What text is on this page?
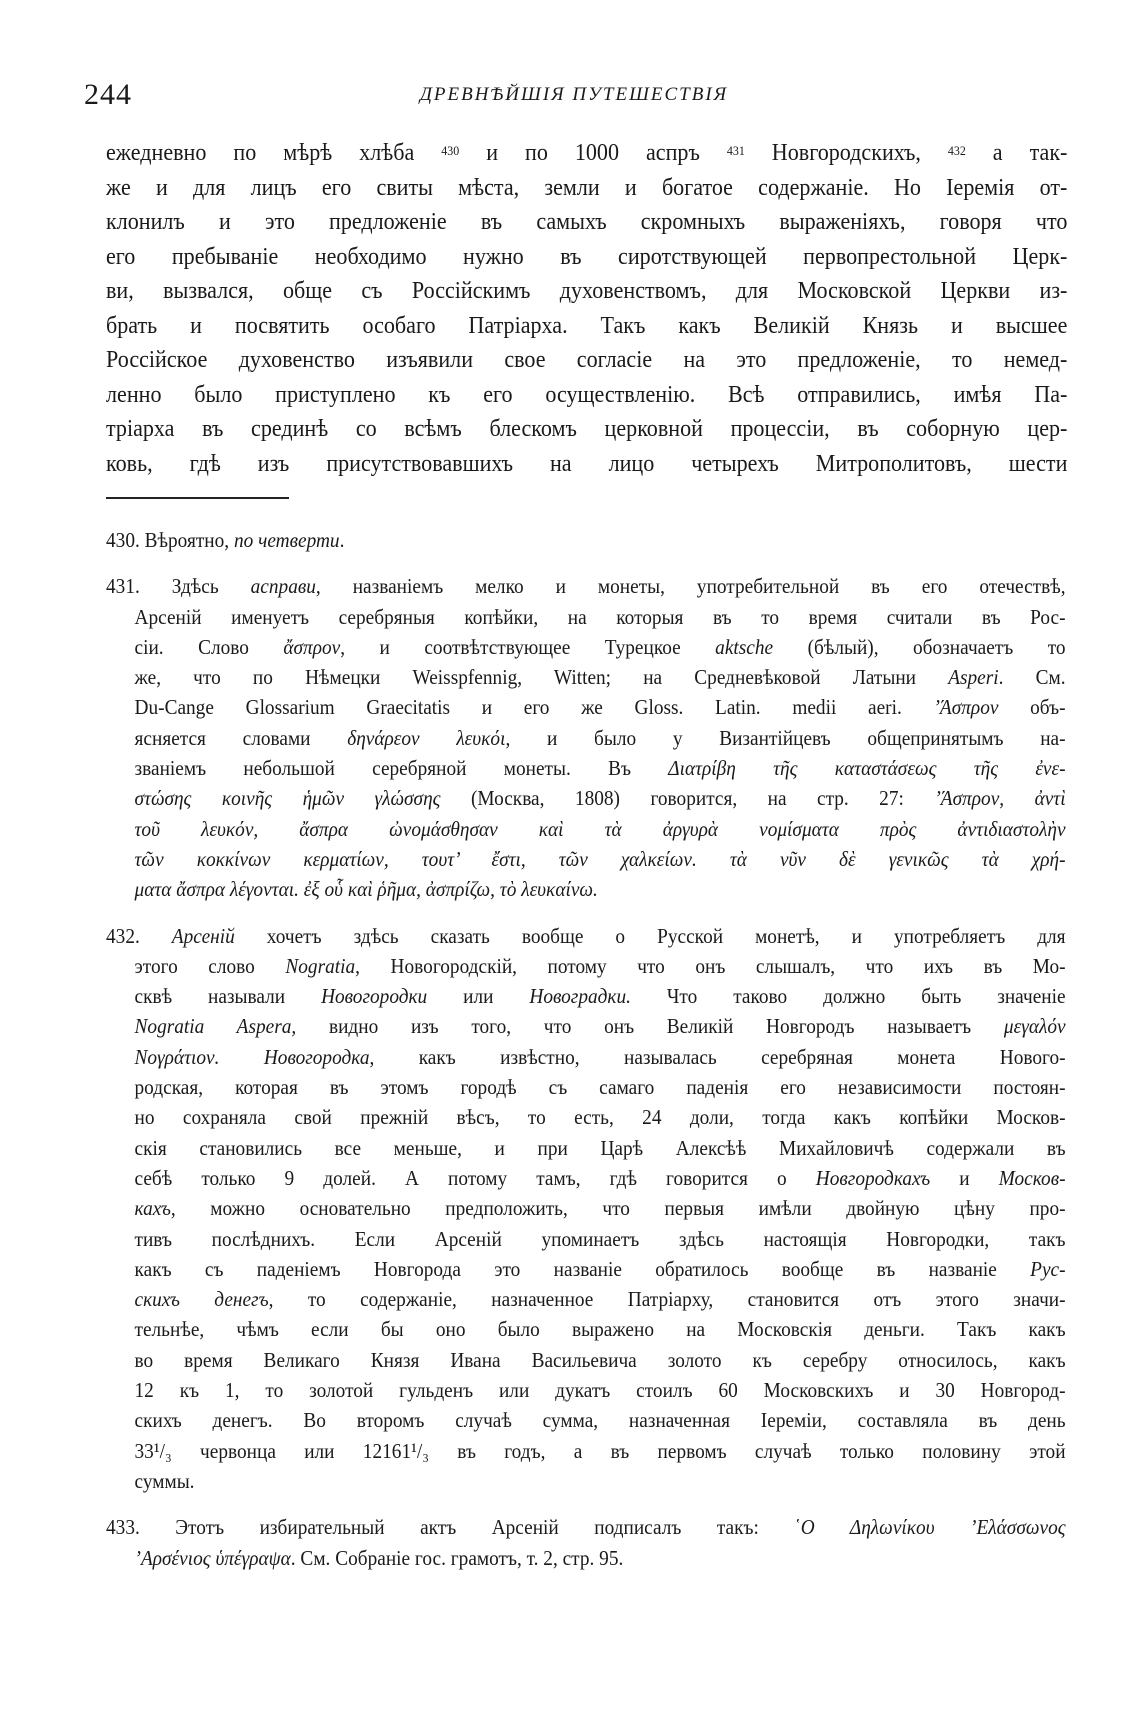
244	ДРЕВНѢЙШІЯ ПУТЕШЕСТВІЯ
ежедневно по мѣрѣ хлѣба $^{430}$ и по 1000 аспръ $^{431}$ Новгородскихъ, $^{432}$ а так-
же и для лицъ его свиты мѣста, земли и богатое содержаніе. Но Іеремія от-
клонилъ и это предложеніе въ самыхъ скромныхъ выраженіяхъ, говоря что
его пребываніе необходимо нужно въ сиротствующей первопрестольной Церк-
ви, вызвался, обще съ Россійскимъ духовенствомъ, для Московской Церкви из-
брать и посвятить особаго Патріарха. Такъ какъ Великій Князь и высшее
Россійское духовенство изъявили свое согласіе на это предложеніе, то немед-
ленно было приступлено къ его осуществленію. Всѣ отправились, имѣя Па-
тріарха въ срединѣ со всѣмъ блескомъ церковной процессіи, въ соборную цер-
ковь, гдѣ изъ присутствовавшихъ на лицо четырехъ Митрополитовъ, шести
430. Вѣроятно, по четверти.
431. Здѣсь асправи, названіемъ мелко и монеты, употребительной въ его отечествѣ,
Арсеній именуетъ серебряныя копѣйки, на которыя въ то время считали въ Рос-
сіи. Слово ἄσπρον, и соотвѣтствующее Турецкое aktsche (бѣлый), обозначаетъ то
же, что по Нѣмецки Weisspfennig, Witten; на Средневѣковой Латыни Asperi. См.
Du-Cange Glossarium Graecitatis и его же Gloss. Latin. medii aeri. ’Άσπρον объ-
ясняется словами δηνάρεον λευκόι, и было у Византійцевъ общепринятымъ на-
званіемъ небольшой серебряной монеты. Въ Διατρίβη τῆς καταστάσεως τῆς ἐνε-
στώσης κοινῆς ἡμῶν γλώσσης (Москва, 1808) говорится, на стр. 27: ’Άσπρον, ἀντὶ
τοῦ λευκόν, ἄσπρα ὠνομάσθησαν καὶ τὰ ἀργυρὰ νομίσματα πρὸς ἀντιδιαστολὴν
τῶν κοκκίνων κερματίων, τουτ’ ἔστι, τῶν χαλκείων. τὰ νῦν δὲ γενικῶς τὰ χρή-
ματα ἄσπρα λέγονται. ἐξ οὗ καὶ ῥῆμα, ἀσπρίζω, τὸ λευκαίνω.
432. Арсеній хочетъ здѣсь сказать вообще о Русской монетѣ, и употребляетъ для
этого слово Nogratia, Новогородскій, потому что онъ слышалъ, что ихъ въ Мо-
сквѣ называли Новогородки или Новоградки. Что таково должно быть значеніе
Nogratia Aspera, видно изъ того, что онъ Великій Новгородъ называетъ μεγαλόν
Νογράτιον. Новогородка, какъ извѣстно, называлась серебряная монета Нового-
родская, которая въ этомъ городѣ съ самаго паденія его независимости постоян-
но сохраняла свой прежній вѣсъ, то есть, 24 доли, тогда какъ копѣйки Москов-
скія становились все меньше, и при Царѣ Алексѣѣ Михайловичѣ содержали въ
себѣ только 9 долей. А потому тамъ, гдѣ говорится о Новгородкахъ и Москов-
кахъ, можно основательно предположить, что первыя имѣли двойную цѣну про-
тивъ послѣднихъ. Если Арсеній упоминаетъ здѣсь настоящія Новгородки, такъ
какъ съ паденіемъ Новгорода это названіе обратилось вообще въ названіе Рус-
скихъ денегъ, то содержаніе, назначенное Патріарху, становится отъ этого значи-
тельнѣе, чѣмъ если бы оно было выражено на Московскія деньги. Такъ какъ
во время Великаго Князя Ивана Васильевича золото къ серебру относилось, какъ
12 къ 1, то золотой гульденъ или дукатъ стоилъ 60 Московскихъ и 30 Новгород-
скихъ денегъ. Во второмъ случаѣ сумма, назначенная Іереміи, составляла въ день
33¹/₃ червонца или 12161¹/₃ въ годъ, а въ первомъ случаѣ только половину этой
суммы.
433. Этотъ избирательный актъ Арсеній подписалъ такъ: ῾Ο Δηλωνίκου ’Ελάσσωνος
’Αρσένιος ὑπέγραψα. См. Собраніе гос. грамотъ, т. 2, стр. 95.
